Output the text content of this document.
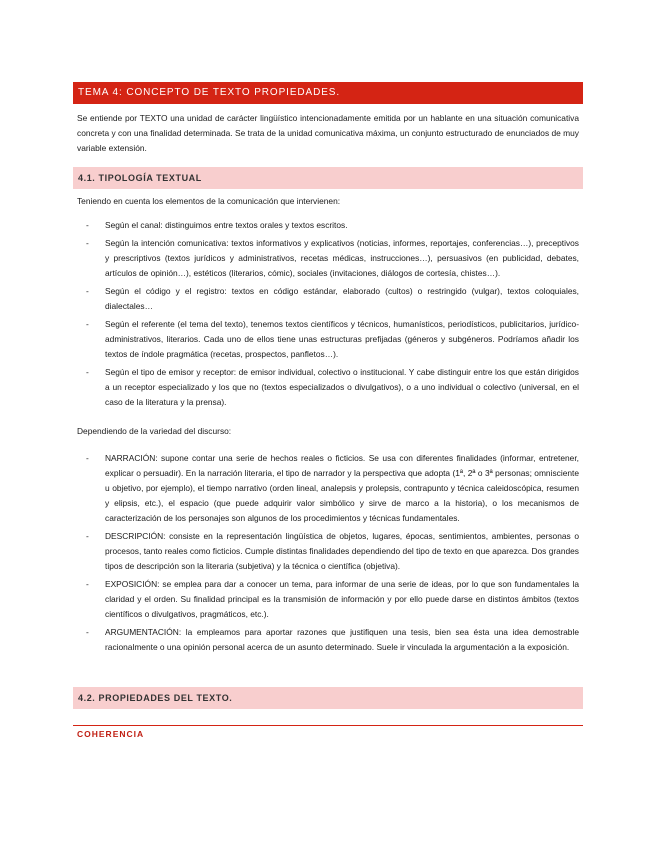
TEMA 4: CONCEPTO DE TEXTO PROPIEDADES.

Se entiende por TEXTO una unidad de carácter lingüístico intencionadamente emitida por un hablante en una situación comunicativa concreta y con una finalidad determinada. Se trata de la unidad comunicativa máxima, un conjunto estructurado de enunciados de muy variable extensión.

4.1. TIPOLOGÍA TEXTUAL

Teniendo en cuenta los elementos de la comunicación que intervienen:

- Según el canal: distinguimos entre textos orales y textos escritos.
- Según la intención comunicativa: textos informativos y explicativos (noticias, informes, reportajes, conferencias…), preceptivos y prescriptivos (textos jurídicos y administrativos, recetas médicas, instrucciones…), persuasivos (en publicidad, debates, artículos de opinión…), estéticos (literarios, cómic), sociales (invitaciones, diálogos de cortesía, chistes…).
- Según el código y el registro: textos en código estándar, elaborado (cultos) o restringido (vulgar), textos coloquiales, dialectales…
- Según el referente (el tema del texto), tenemos textos científicos y técnicos, humanísticos, periodísticos, publicitarios, jurídico-administrativos, literarios. Cada uno de ellos tiene unas estructuras prefijadas (géneros y subgéneros. Podríamos añadir los textos de índole pragmática (recetas, prospectos, panfletos…).
- Según el tipo de emisor y receptor: de emisor individual, colectivo o institucional. Y cabe distinguir entre los que están dirigidos a un receptor especializado y los que no (textos especializados o divulgativos), o a uno individual o colectivo (universal, en el caso de la literatura y la prensa).

Dependiendo de la variedad del discurso:

- NARRACIÓN: supone contar una serie de hechos reales o ficticios. Se usa con diferentes finalidades (informar, entretener, explicar o persuadir). En la narración literaria, el tipo de narrador y la perspectiva que adopta (1ª, 2ª o 3ª personas; omnisciente u objetivo, por ejemplo), el tiempo narrativo (orden lineal, analepsis y prolepsis, contrapunto y técnica caleidoscópica, resumen y elipsis, etc.), el espacio (que puede adquirir valor simbólico y sirve de marco a la historia), o los mecanismos de caracterización de los personajes son algunos de los procedimientos y técnicas fundamentales.
- DESCRIPCIÓN: consiste en la representación lingüística de objetos, lugares, épocas, sentimientos, ambientes, personas o procesos, tanto reales como ficticios. Cumple distintas finalidades dependiendo del tipo de texto en que aparezca. Dos grandes tipos de descripción son la literaria (subjetiva) y la técnica o científica (objetiva).
- EXPOSICIÓN: se emplea para dar a conocer un tema, para informar de una serie de ideas, por lo que son fundamentales la claridad y el orden. Su finalidad principal es la transmisión de información y por ello puede darse en distintos ámbitos (textos científicos o divulgativos, pragmáticos, etc.).
- ARGUMENTACIÓN: la empleamos para aportar razones que justifiquen una tesis, bien sea ésta una idea demostrable racionalmente o una opinión personal acerca de un asunto determinado. Suele ir vinculada la argumentación a la exposición.
4.2. PROPIEDADES DEL TEXTO.
COHERENCIA
